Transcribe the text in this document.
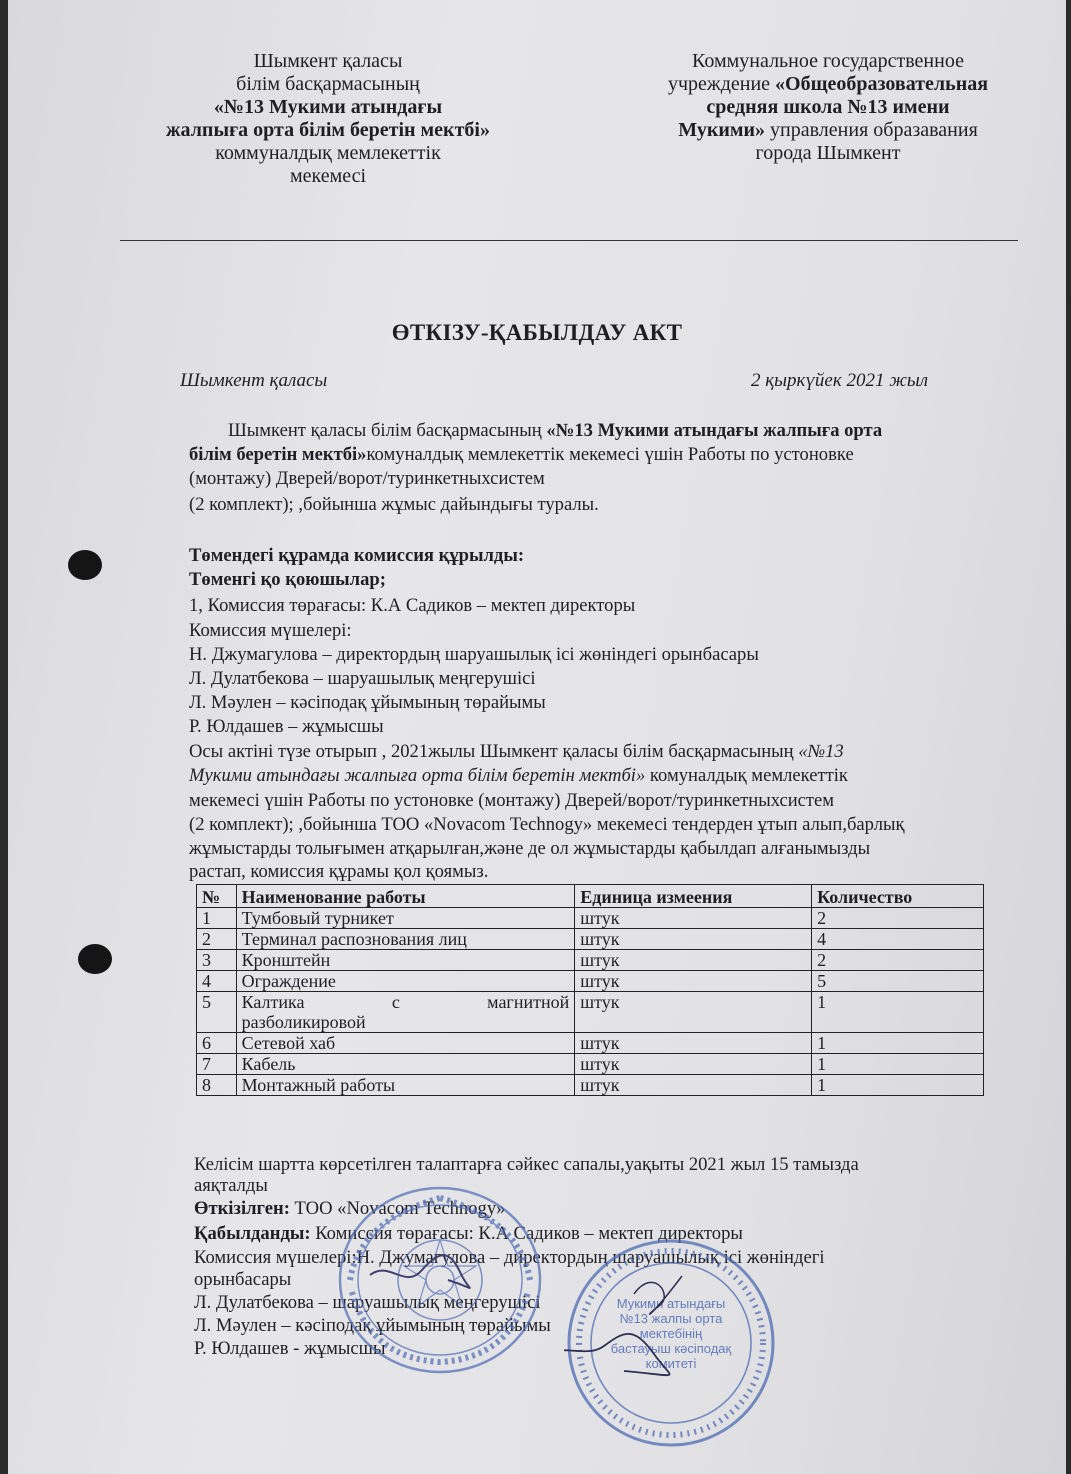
Шымкент қаласы
білім басқармасының
«№13 Мукими атындағы
жалпыға орта білім беретін мектбі»
коммуналдық мемлекеттік
мекемесі
Коммунальное государственное
учреждение «Общеобразовательная
средняя школа №13 имени
Мукими» управления образавания
города Шымкент
ӨТКІЗУ-ҚАБЫЛДАУ АКТ
Шымкент қаласы	2 қыркүйек 2021 жыл
Шымкент қаласы білім басқармасының «№13 Мукими атындағы жалпыға орта
білім беретін мектбі»комуналдық мемлекеттік мекемесі үшін Работы по устоновке
(монтажу) Дверей/ворот/туринкетныхсистем
(2 комплект); ,бойынша жұмыс дайындығы туралы.
Төмендегі құрамда комиссия құрылды:
Төменгі қо қоюшылар;
1, Комиссия төрағасы: К.А Садиков – мектеп директоры
Комиссия мүшелері:
Н. Джумагулова – директордың шаруашылық ісі жөніндегі орынбасары
Л. Дулатбекова – шаруашылық меңгерушісі
Л. Мәулен – кәсіподақ ұйымының төрайымы
Р. Юлдашев – жұмысшы
Осы актіні түзе отырып , 2021жылы Шымкент қаласы білім басқармасының «№13
Мукими атындағы жалпыға орта білім беретін мектбі» комуналдық мемлекеттік
мекемесі үшін Работы по устоновке (монтажу) Дверей/ворот/туринкетныхсистем
(2 комплект); ,бойынша ТОО «Novacom Technogy» мекемесі тендерден ұтып алып,барлық
жұмыстарды толығымен атқарылған,және де ол жұмыстарды қабылдап алғанымызды
растап, комиссия құрамы қол қоямыз.
№	Наименование работы	Единица измеения	Количество
1	Тумбовый турникет	штук	2
2	Терминал распознования лиц	штук	4
3	Кронштейн	штук	2
4	Ограждение	штук	5
5	Калтика с магнитной
разболикировой	штук	1
6	Сетевой хаб	штук	1
7	Кабель	штук	1
8	Монтажный работы	штук	1
Келісім шартта көрсетілген талаптарға сәйкес сапалы,уақыты 2021 жыл 15 тамызда
аяқталды
Өткізілген: ТОО «Novacom Technogy»
Қабылданды: Комиссия төрағасы: К.А Садиков – мектеп директоры
Комиссия мүшелері:Н. Джумагулова – директордың шаруашылық ісі жөніндегі
орынбасары
Л. Дулатбекова – шаруашылық меңгерушісі
Л. Мәулен – кәсіподақ ұйымының төрайымы
Р. Юлдашев - жұмысшы
Мукими атындағы
№13 жалпы орта
мектебінің
бастауыш кәсіподақ
комитеті
